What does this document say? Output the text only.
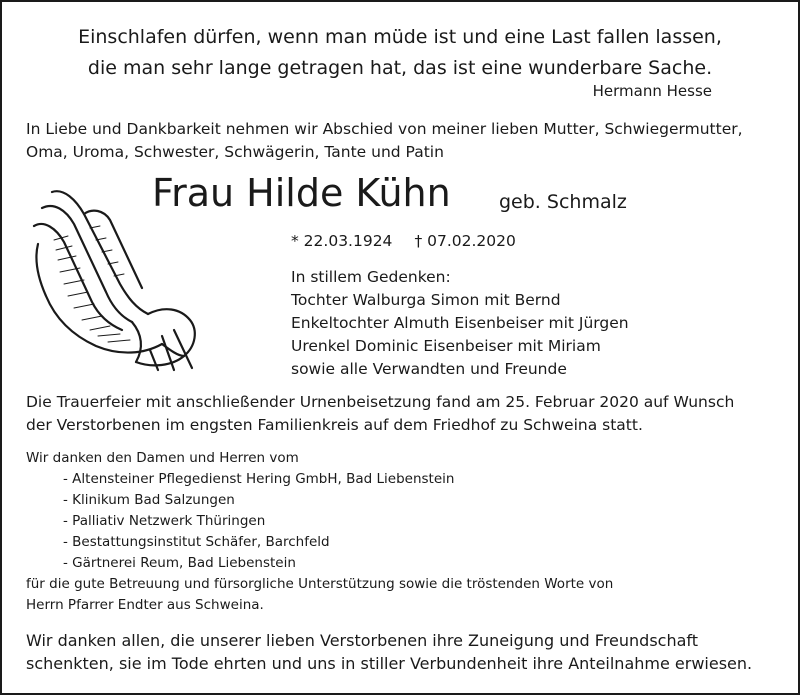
Einschlafen dürfen, wenn man müde ist und eine Last fallen lassen,
die man sehr lange getragen hat, das ist eine wunderbare Sache.
Hermann Hesse
In Liebe und Dankbarkeit nehmen wir Abschied von meiner lieben Mutter, Schwiegermutter,
Oma, Uroma, Schwester, Schwägerin, Tante und Patin
Frau Hilde Kühn	geb. Schmalz
* 22.03.1924 † 07.02.2020
In stillem Gedenken:
Tochter Walburga Simon mit Bernd
Enkeltochter Almuth Eisenbeiser mit Jürgen
Urenkel Dominic Eisenbeiser mit Miriam
sowie alle Verwandten und Freunde
Die Trauerfeier mit anschließender Urnenbeisetzung fand am 25. Februar 2020 auf Wunsch
der Verstorbenen im engsten Familienkreis auf dem Friedhof zu Schweina statt.
Wir danken den Damen und Herren vom
- Altensteiner Pflegedienst Hering GmbH, Bad Liebenstein
- Klinikum Bad Salzungen
- Palliativ Netzwerk Thüringen
- Bestattungsinstitut Schäfer, Barchfeld
- Gärtnerei Reum, Bad Liebenstein
für die gute Betreuung und fürsorgliche Unterstützung sowie die tröstenden Worte von
Herrn Pfarrer Endter aus Schweina.
Wir danken allen, die unserer lieben Verstorbenen ihre Zuneigung und Freundschaft
schenkten, sie im Tode ehrten und uns in stiller Verbundenheit ihre Anteilnahme erwiesen.
